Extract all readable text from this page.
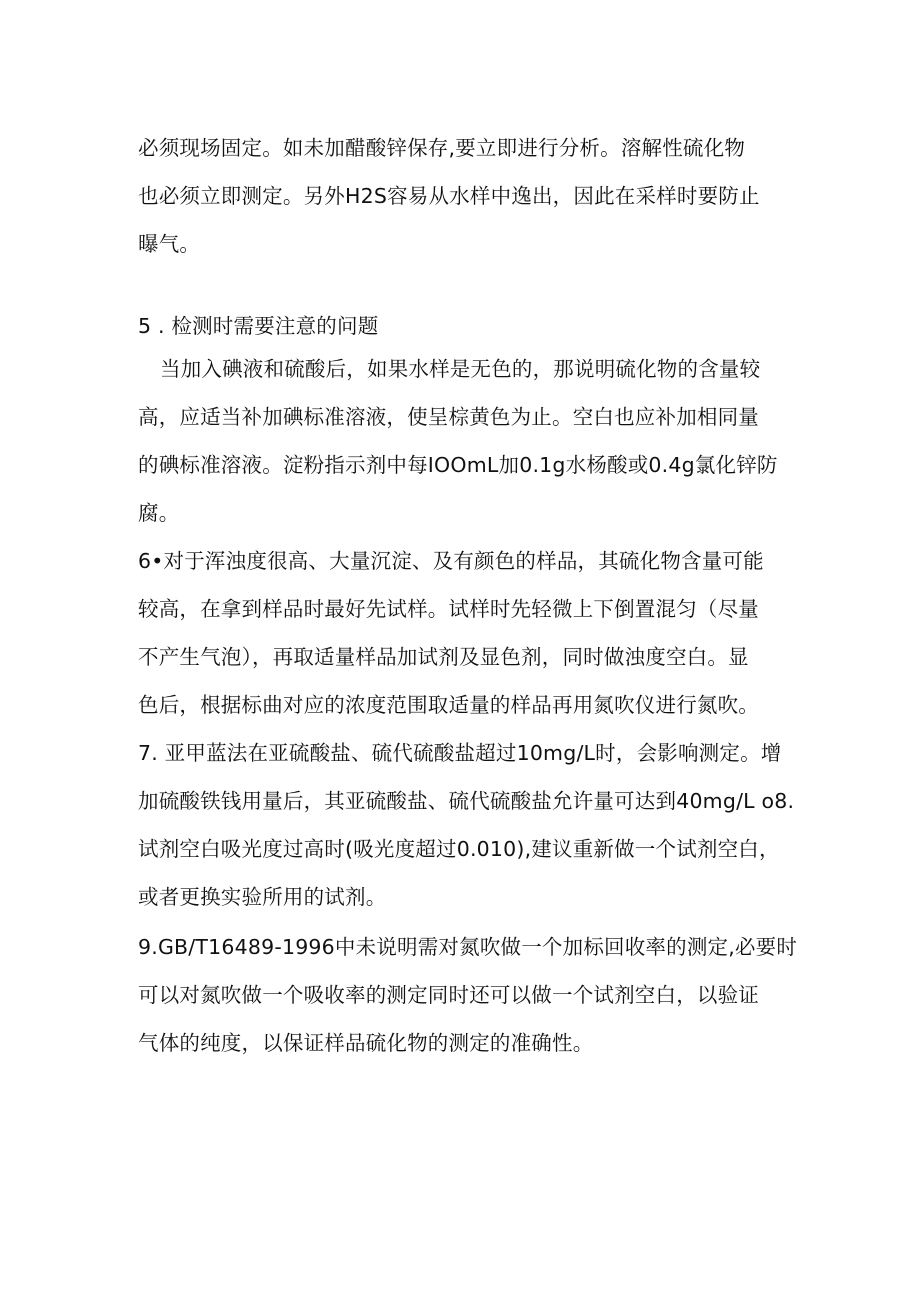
必须现场固定。如未加醋酸锌保存,要立即进行分析。溶解性硫化物
也必须立即测定。另外H2S容易从水样中逸出，因此在采样时要防止
曝气。
5 . 检测时需要注意的问题
当加入碘液和硫酸后，如果水样是无色的，那说明硫化物的含量较
高，应适当补加碘标准溶液，使呈棕黄色为止。空白也应补加相同量
的碘标准溶液。淀粉指示剂中每IOOmL加0.1g水杨酸或0.4g氯化锌防
腐。
6•对于浑浊度很高、大量沉淀、及有颜色的样品，其硫化物含量可能
较高，在拿到样品时最好先试样。试样时先轻微上下倒置混匀（尽量
不产生气泡），再取适量样品加试剂及显色剂，同时做浊度空白。显
色后，根据标曲对应的浓度范围取适量的样品再用氮吹仪进行氮吹。
7. 亚甲蓝法在亚硫酸盐、硫代硫酸盐超过10mg∕L时，会影响测定。增
加硫酸铁钱用量后，其亚硫酸盐、硫代硫酸盐允许量可达到40mg∕L o8.
试剂空白吸光度过高时(吸光度超过0.010),建议重新做一个试剂空白，
或者更换实验所用的试剂。
9.GB/T16489-1996中未说明需对氮吹做一个加标回收率的测定,必要时
可以对氮吹做一个吸收率的测定同时还可以做一个试剂空白，以验证
气体的纯度，以保证样品硫化物的测定的准确性。
